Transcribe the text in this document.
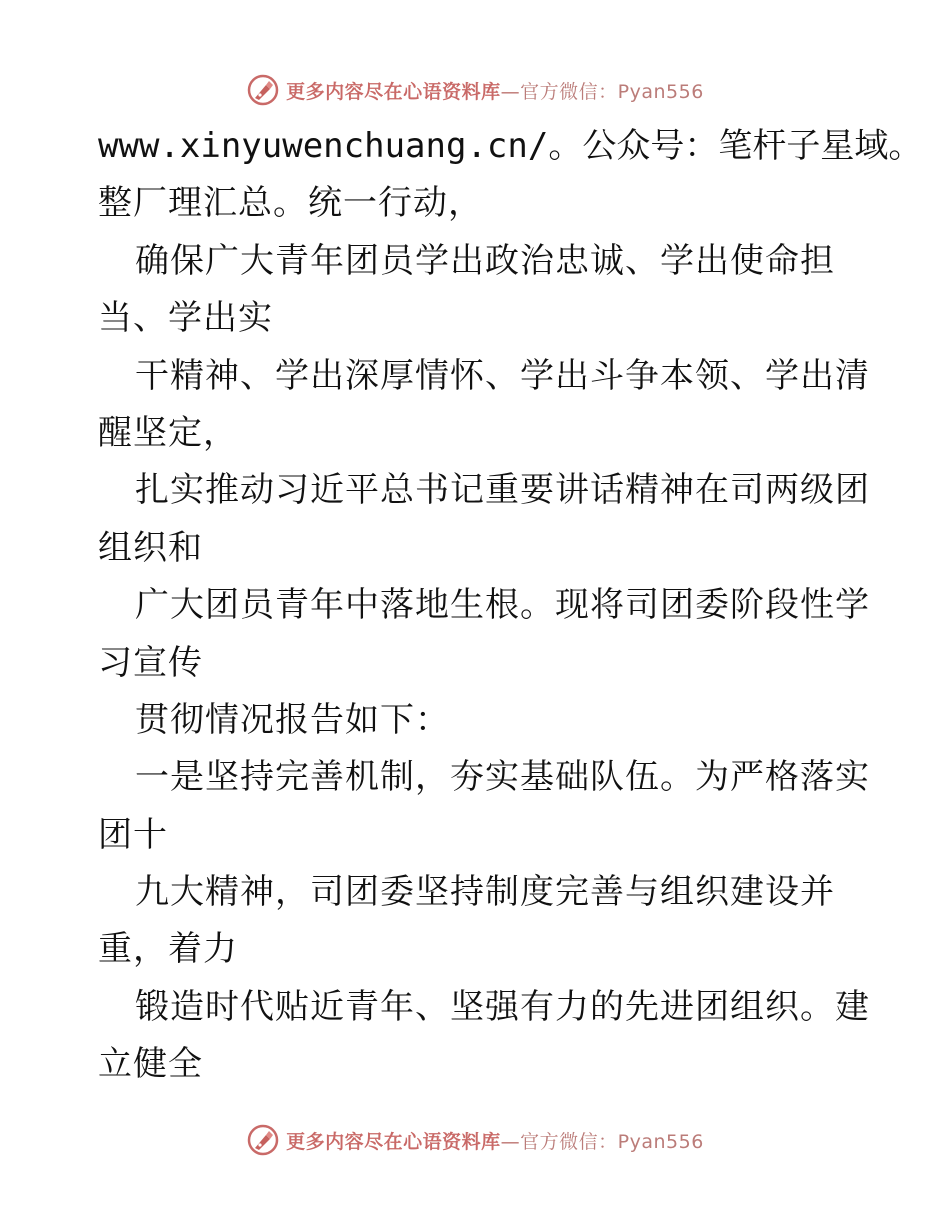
更多内容尽在心语资料库—官方微信：Pyan556
www.xinyuwenchuang.cn/。公众号：笔杆子星域。
整厂理汇总。统一行动，
确保广大青年团员学出政治忠诚、学出使命担
当、学出实
干精神、学出深厚情怀、学出斗争本领、学出清
醒坚定，
扎实推动习近平总书记重要讲话精神在司两级团
组织和
广大团员青年中落地生根。现将司团委阶段性学
习宣传
贯彻情况报告如下：
一是坚持完善机制，夯实基础队伍。为严格落实
团十
九大精神，司团委坚持制度完善与组织建设并
重，着力
锻造时代贴近青年、坚强有力的先进团组织。建
立健全
更多内容尽在心语资料库—官方微信：Pyan556
